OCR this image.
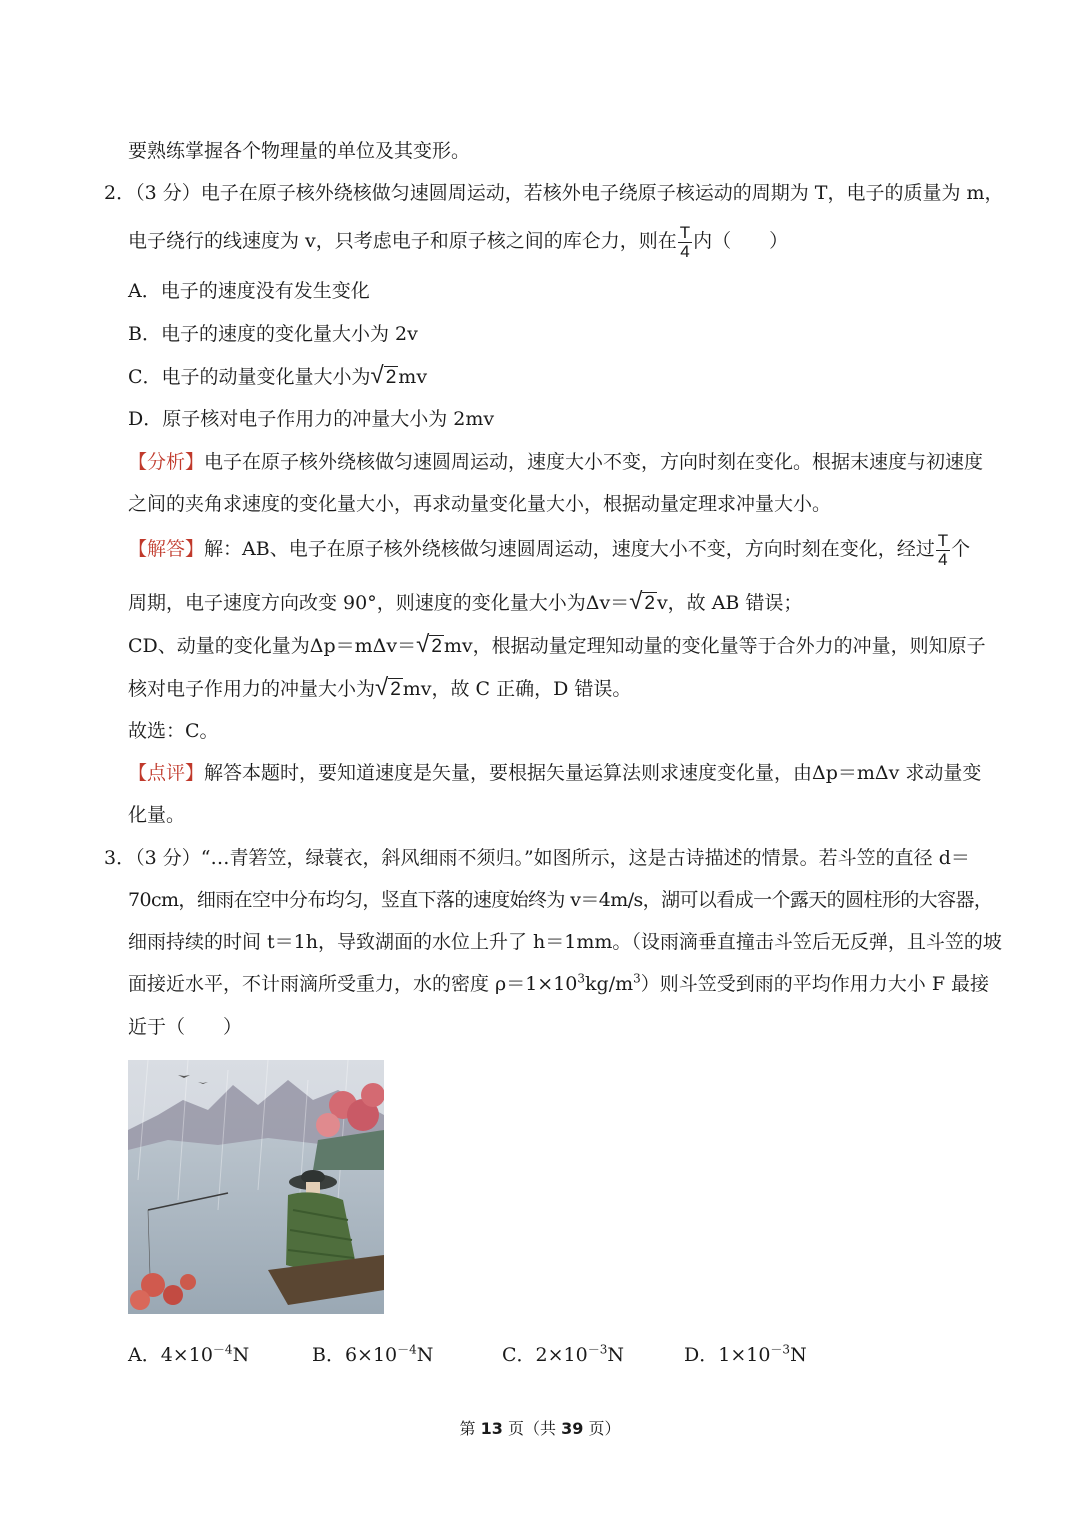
要熟练掌握各个物理量的单位及其变形。
2．（3 分）电子在原子核外绕核做匀速圆周运动，若核外电子绕原子核运动的周期为 T，电子的质量为 m，
电子绕行的线速度为 v，只考虑电子和原子核之间的库仑力，则在 $\frac{T}{4}$ 内（　　）
A．电子的速度没有发生变化
B．电子的速度的变化量大小为 2v
C．电子的动量变化量大小为√ 2 mv
D．原子核对电子作用力的冲量大小为 2mv
【分析】电子在原子核外绕核做匀速圆周运动，速度大小不变，方向时刻在变化。根据末速度与初速度
之间的夹角求速度的变化量大小，再求动量变化量大小，根据动量定理求冲量大小。
【解答】解：AB、电子在原子核外绕核做匀速圆周运动，速度大小不变，方向时刻在变化，经过 $\frac{T}{4}$ 个
周期，电子速度方向改变 90°，则速度的变化量大小为Δv＝√ 2 v，故 AB 错误；
CD、动量的变化量为Δp＝mΔv＝√ 2 mv，根据动量定理知动量的变化量等于合外力的冲量，则知原子
核对电子作用力的冲量大小为√ 2 mv，故 C 正确，D 错误。
故选：C。
【点评】解答本题时，要知道速度是矢量，要根据矢量运算法则求速度变化量，由Δp＝mΔv 求动量变
化量。
3．（3 分）“…青箬笠，绿蓑衣，斜风细雨不须归。”如图所示，这是古诗描述的情景。若斗笠的直径 d＝
70cm，细雨在空中分布均匀，竖直下落的速度始终为 v＝4m/s，湖可以看成一个露天的圆柱形的大容器，
细雨持续的时间 t＝1h，导致湖面的水位上升了 h＝1mm。（设雨滴垂直撞击斗笠后无反弹，且斗笠的坡
面接近水平，不计雨滴所受重力，水的密度 $\rho=1\times 10^3kg/m^3$）则斗笠受到雨的平均作用力大小 F 最接
近于（　　）
A．$4\times 10^{-4}N$	B．$6\times 10^{-4}N$	C．$2\times 10^{-3}N$	D．$1\times 10^{-3}N$
第 13 页（共 39 页）
